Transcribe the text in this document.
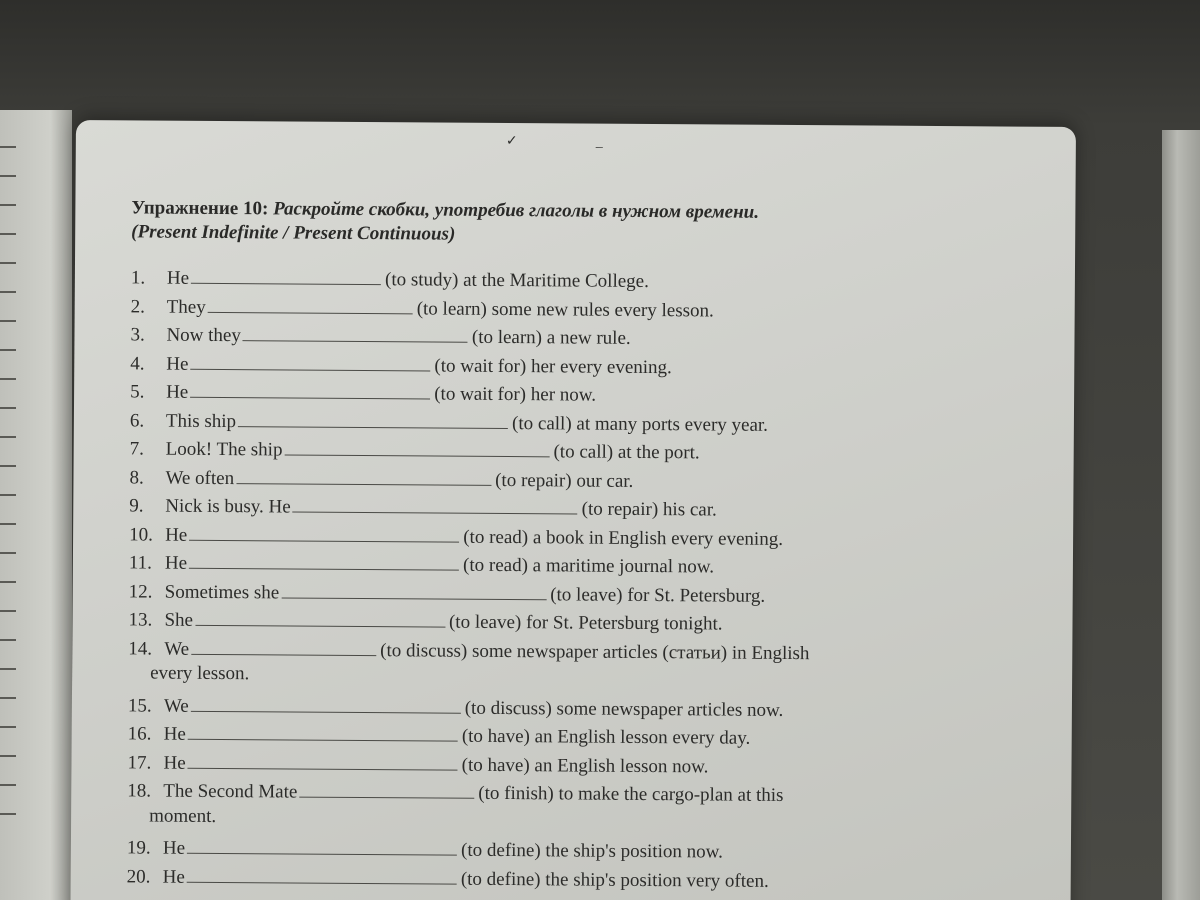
✓	‒
Упражнение 10: Раскройте скобки, употребив глаголы в нужном времени.
(Present Indefinite / Present Continuous)
1. He	(to study) at the Maritime College.
2. They	(to learn) some new rules every lesson.
3. Now they	(to learn) a new rule.
4. He	(to wait for) her every evening.
5. He	(to wait for) her now.
6. This ship	(to call) at many ports every year.
7. Look! The ship	(to call) at the port.
8. We often	(to repair) our car.
9. Nick is busy. He	(to repair) his car.
10. He	(to read) a book in English every evening.
11. He	(to read) a maritime journal now.
12. Sometimes she	(to leave) for St. Petersburg.
13. She	(to leave) for St. Petersburg tonight.
14. We	(to discuss) some newspaper articles (статьи) in English
every lesson.
15. We	(to discuss) some newspaper articles now.
16. He	(to have) an English lesson every day.
17. He	(to have) an English lesson now.
18. The Second Mate	(to finish) to make the cargo-plan at this
moment.
19. He	(to define) the ship's position now.
20. He	(to define) the ship's position very often.
